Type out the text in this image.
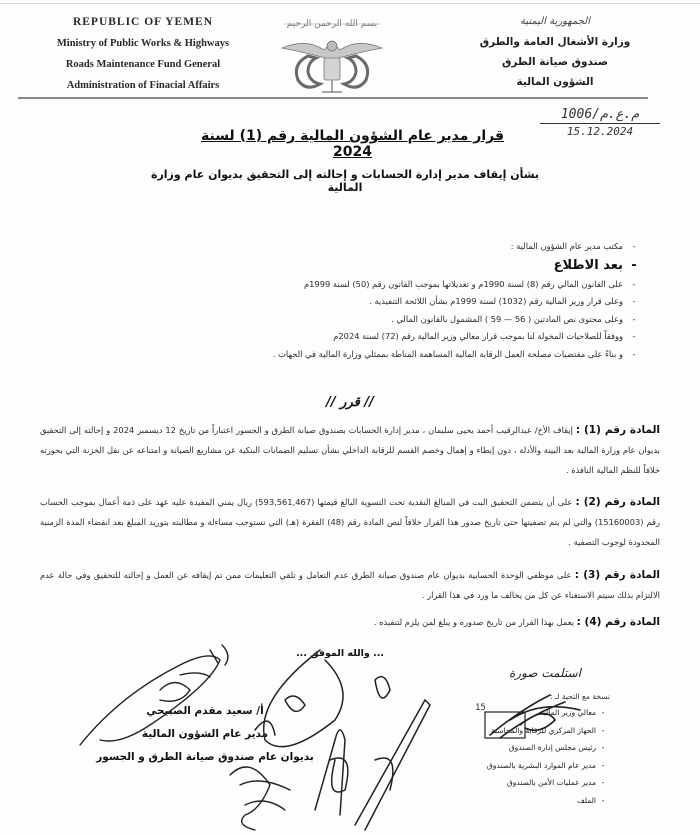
REPUBLIC OF YEMEN
Ministry of Public Works & Highways
Roads Maintenance Fund General
Administration of Finacial Affairs
بسم الله الرحمن الرحيم	الجمهورية اليمنية
وزارة الأشغال العامة والطرق
صندوق صيانة الطرق
الشؤون المالية
1006/م.ع.م
15.12.2024
قرار مدير عام الشؤون المالية رقم (1) لسنة 2024
بشأن إيقاف مدير إدارة الحسابات و إحالته إلى التحقيق بديوان عام وزارة المالية
-مكتب مدير عام الشؤون المالية :
-بعد الاطلاع
-على القانون المالي رقم (8) لسنة 1990م و تعديلاتها بموجب القانون رقم (50) لسنة 1999م
-وعلى قرار وزير المالية رقم (1032) لسنة 1999م بشأن اللائحة التنفيذية .
-وعلى محتوى نص المادتين ( 56 — 59 ) المشمول بالقانون المالي .
-ووفقاً للصلاحيات المخولة لنا بموجب قرار معالي وزير المالية رقم (72) لسنة 2024م
-و بناءً على مقتضيات مصلحة العمل الرقابة المالية المساهمة المناطة بممثلي وزارة المالية في الجهات .
// قرر //
المادة رقم (1) : إيقاف الأخ/ عبدالرقيب أحمد يحيى سليمان ، مدير إدارة الحسابات بصندوق صيانة الطرق و الجسور اعتباراً من تاريخ 12 ديسمبر 2024 و إحالته إلى التحقيق بديوان عام وزارة المالية بعد البينة والأدلة ، دون إبطاء و إهمال وخصم القسم للرقابة الداخلي بشأن تسليم الضمانات البنكية عن مشاريع الصيانة و امتناعه عن نقل الخزنة التي بحوزته خلافاً للنظم المالية النافذة .
المادة رقم (2) : على أن يتضمن التحقيق البت في المبالغ النقدية تحت التسوية البالغ قيمتها (593,561,467) ريال يمني المقيدة عليه عهد على ذمة أعمال بموجب الحساب رقم (15160003) والتي لم يتم تصفيتها حتى تاريخ صدور هذا القرار خلافاً لنص المادة رقم (48) الفقرة (هـ) التي تستوجب مساءلة و مطالبته بتوريد المبلغ بعد انقضاء المدة الزمنية المحدودة لوجوب التصفية .
المادة رقم (3) : على موظفي الوحدة الحسابية بديوان عام صندوق صيانة الطرق عدم التعامل و تلقي التعليمات ممن تم إيقافه عن العمل و إحالته للتحقيق وفي حالة عدم الالتزام بذلك سيتم الاستغناء عن كل من يخالف ما ورد في هذا القرار .
المادة رقم (4) : يعمل بهذا القرار من تاريخ صدوره و يبلغ لمن يلزم لتنفيذه .
... والله الموفق ...
أ/ سعيد مقدم الصبيحي
مدير عام الشؤون المالية
بديوان عام صندوق صيانة الطرق و الجسور
استلمت صورة
نسخة مع التحية لـ :
-معالي وزير المالية
-الجهاز المركزي للرقابة والمحاسبة
-رئيس مجلس إدارة الصندوق
-مدير عام الموارد البشرية بالصندوق
-مدير عمليات الأمن بالصندوق
-الملف
15
